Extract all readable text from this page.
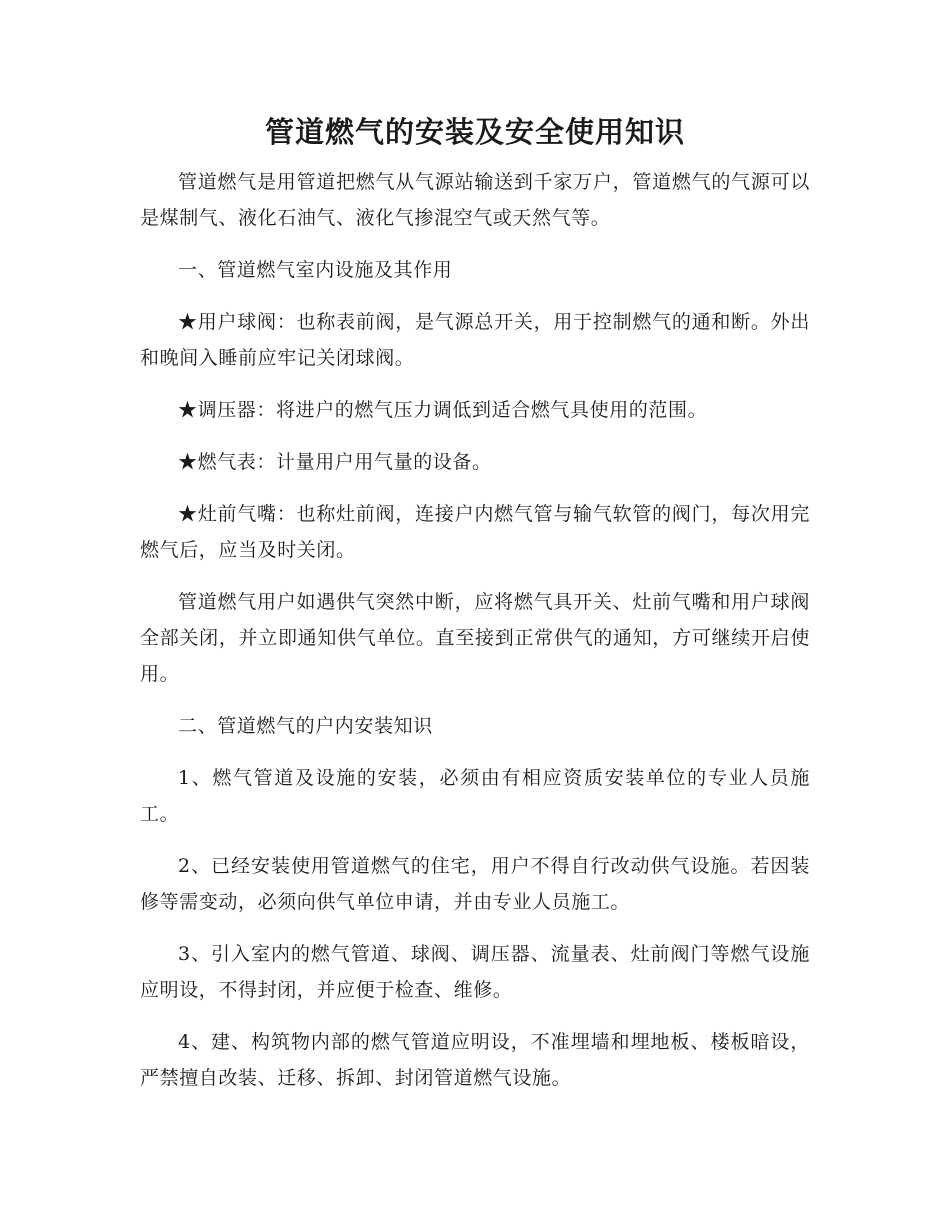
管道燃气的安装及安全使用知识

管道燃气是用管道把燃气从气源站输送到千家万户，管道燃气的气源可以是煤制气、液化石油气、液化气掺混空气或天然气等。

一、管道燃气室内设施及其作用

★用户球阀：也称表前阀，是气源总开关，用于控制燃气的通和断。外出和晚间入睡前应牢记关闭球阀。

★调压器：将进户的燃气压力调低到适合燃气具使用的范围。

★燃气表：计量用户用气量的设备。

★灶前气嘴：也称灶前阀，连接户内燃气管与输气软管的阀门，每次用完燃气后，应当及时关闭。

管道燃气用户如遇供气突然中断，应将燃气具开关、灶前气嘴和用户球阀全部关闭，并立即通知供气单位。直至接到正常供气的通知，方可继续开启使用。

二、管道燃气的户内安装知识

1、燃气管道及设施的安装，必须由有相应资质安装单位的专业人员施工。

2、已经安装使用管道燃气的住宅，用户不得自行改动供气设施。若因装修等需变动，必须向供气单位申请，并由专业人员施工。

3、引入室内的燃气管道、球阀、调压器、流量表、灶前阀门等燃气设施应明设，不得封闭，并应便于检查、维修。

4、建、构筑物内部的燃气管道应明设，不准埋墙和埋地板、楼板暗设，严禁擅自改装、迁移、拆卸、封闭管道燃气设施。
